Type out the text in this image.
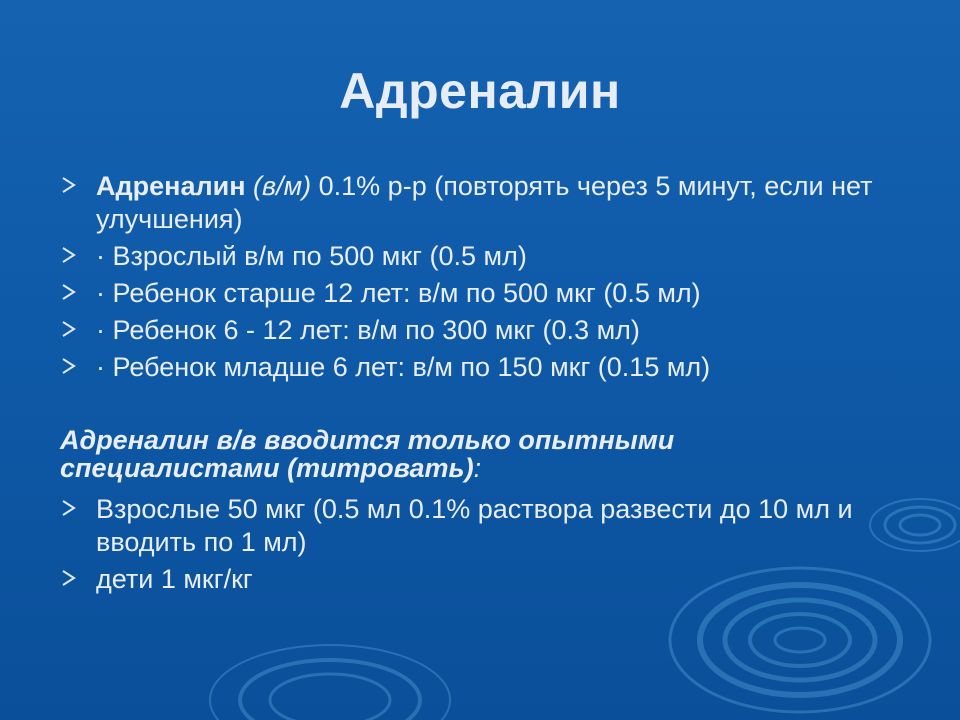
Адреналин
Адреналин (в/м) 0.1% р-р (повторять через 5 минут, если нет улучшения)
· Взрослый в/м по 500 мкг (0.5 мл)
· Ребенок старше 12 лет: в/м по 500 мкг (0.5 мл)
· Ребенок 6 - 12 лет: в/м по 300 мкг (0.3 мл)
· Ребенок младше 6 лет: в/м по 150 мкг (0.15 мл)
Адреналин в/в вводится только опытными специалистами (титровать):
Взрослые 50 мкг (0.5 мл 0.1% раствора развести до 10 мл и вводить по 1 мл)
дети 1 мкг/кг
